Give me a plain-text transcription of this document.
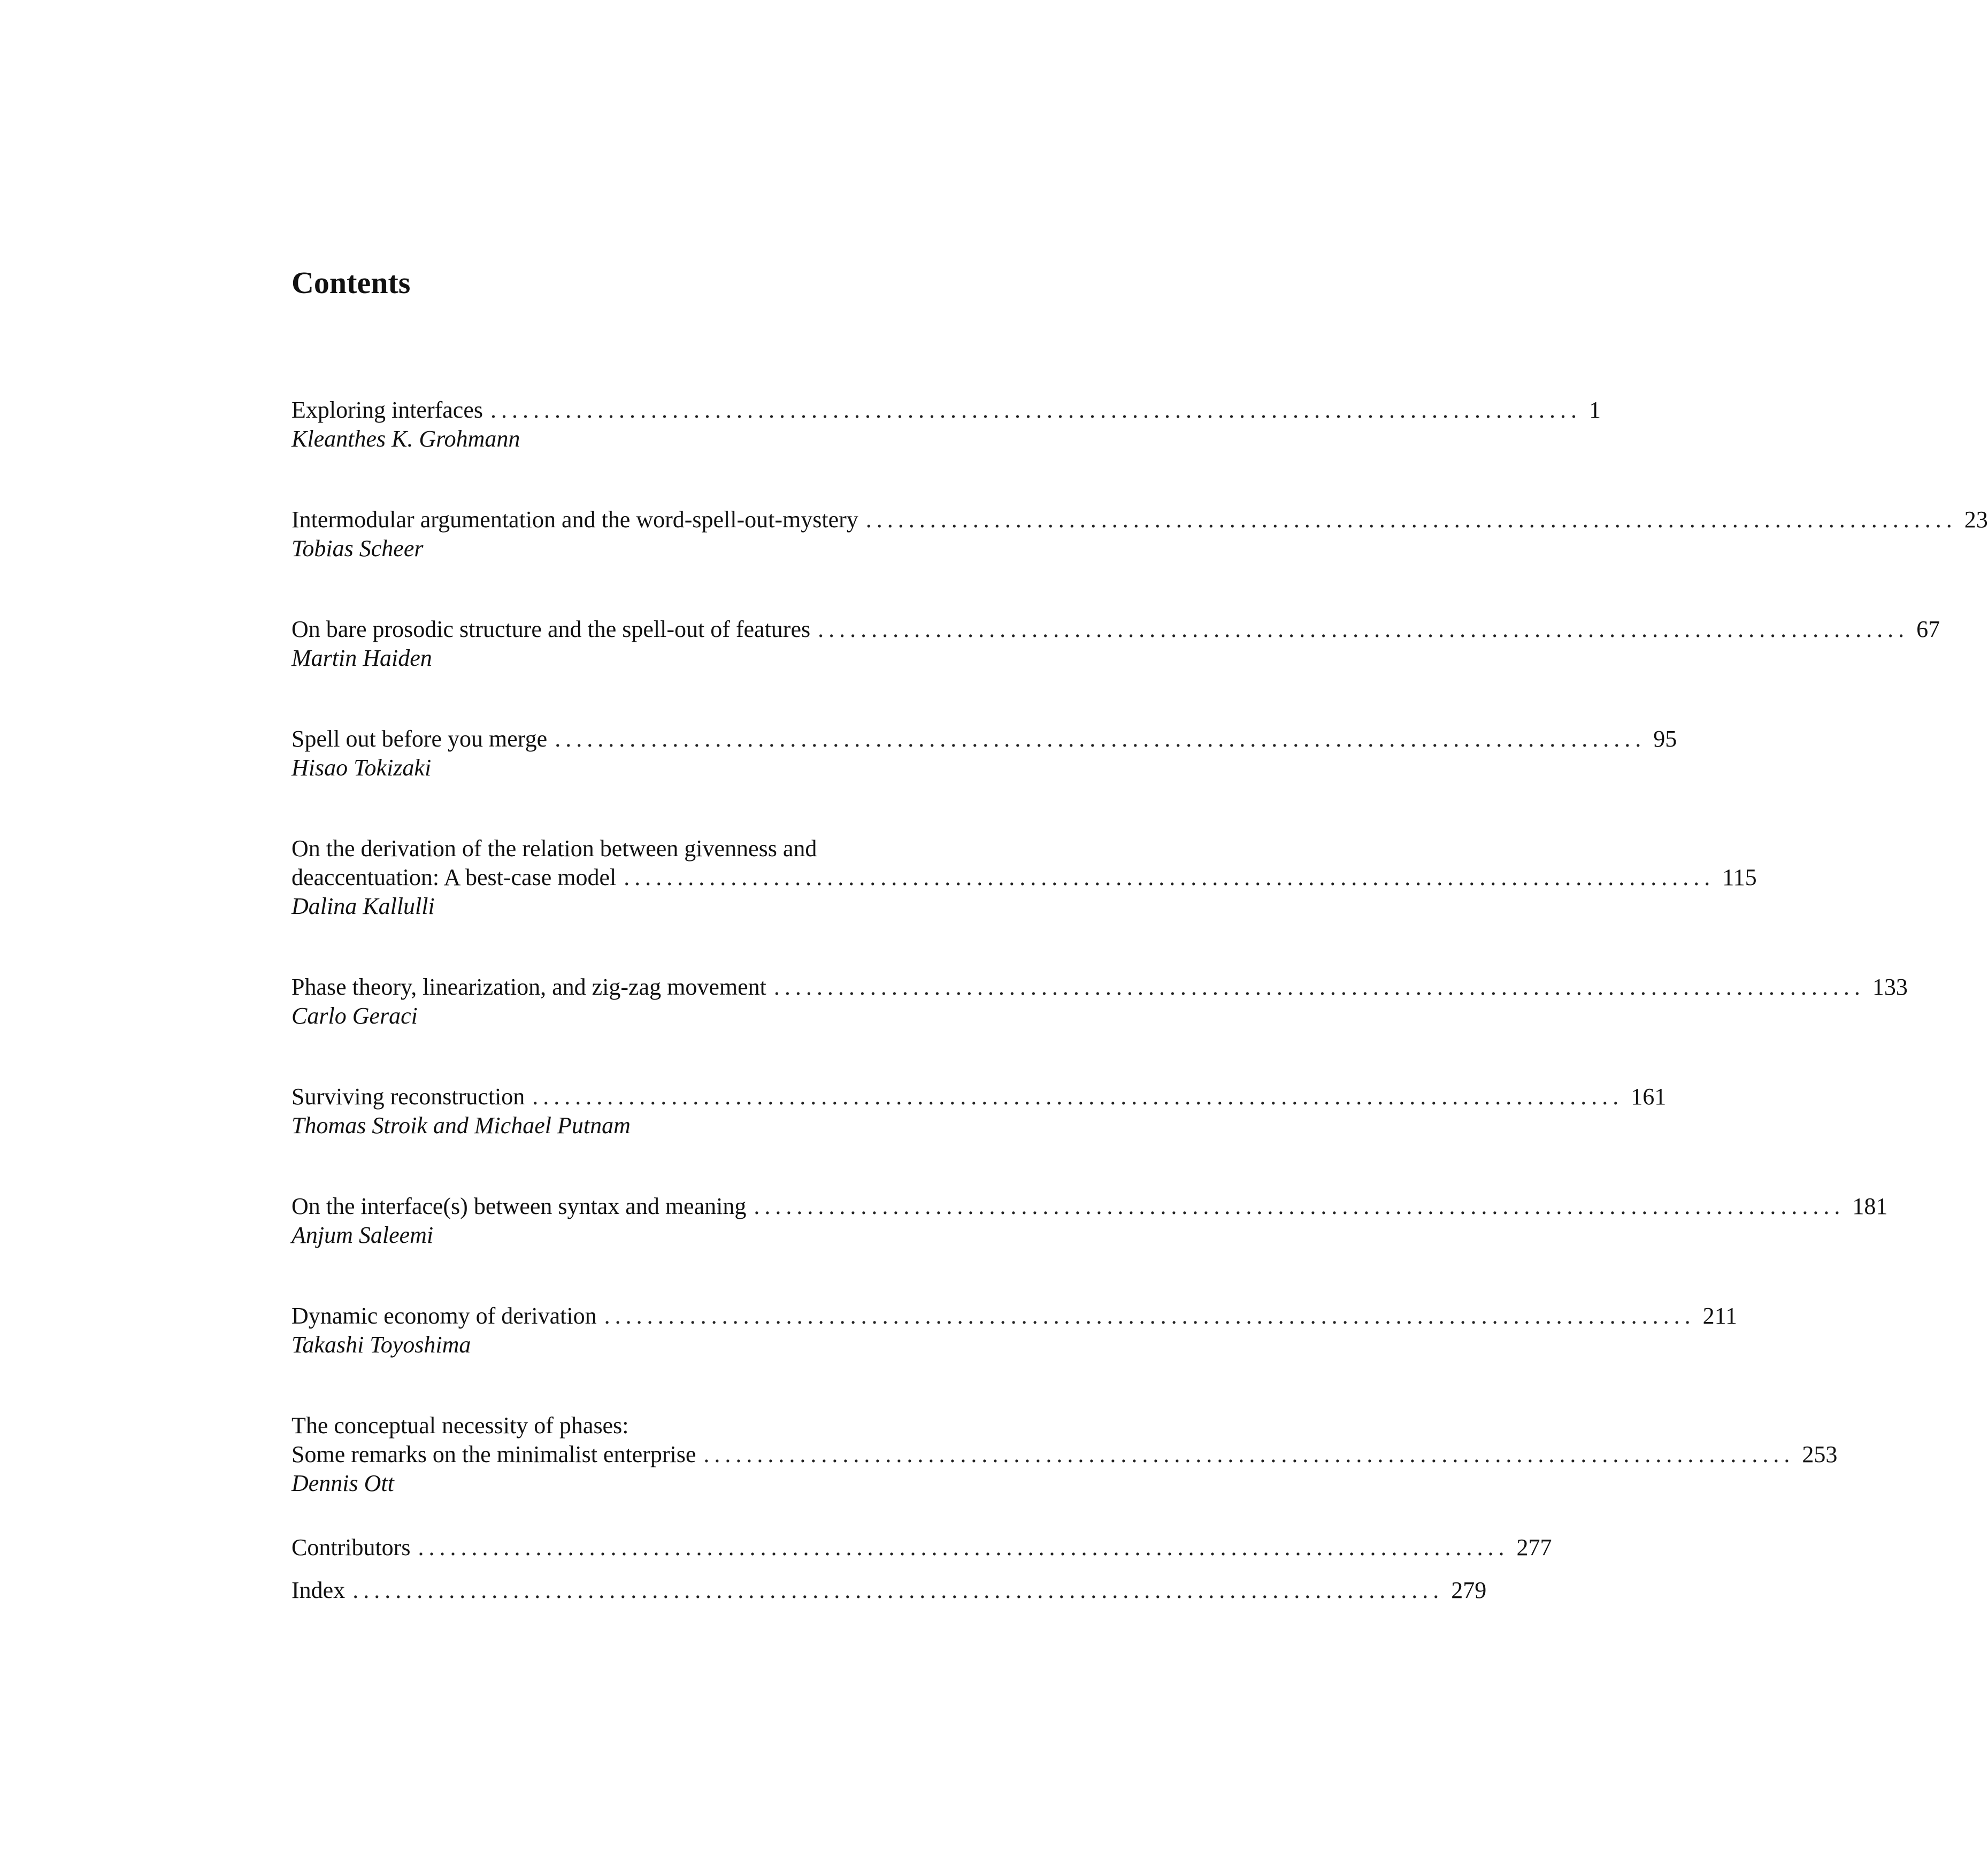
Contents
Exploring interfaces ...................................................................................................... 1
Kleanthes K. Grohmann
Intermodular argumentation and the word-spell-out-mystery ...................................................................................................... 23
Tobias Scheer
On bare prosodic structure and the spell-out of features ...................................................................................................... 67
Martin Haiden
Spell out before you merge ...................................................................................................... 95
Hisao Tokizaki
On the derivation of the relation between givenness and
deaccentuation: A best-case model ...................................................................................................... 115
Dalina Kallulli
Phase theory, linearization, and zig-zag movement ...................................................................................................... 133
Carlo Geraci
Surviving reconstruction ...................................................................................................... 161
Thomas Stroik and Michael Putnam
On the interface(s) between syntax and meaning ...................................................................................................... 181
Anjum Saleemi
Dynamic economy of derivation ...................................................................................................... 211
Takashi Toyoshima
The conceptual necessity of phases:
Some remarks on the minimalist enterprise ...................................................................................................... 253
Dennis Ott
Contributors ...................................................................................................... 277
Index ...................................................................................................... 279
